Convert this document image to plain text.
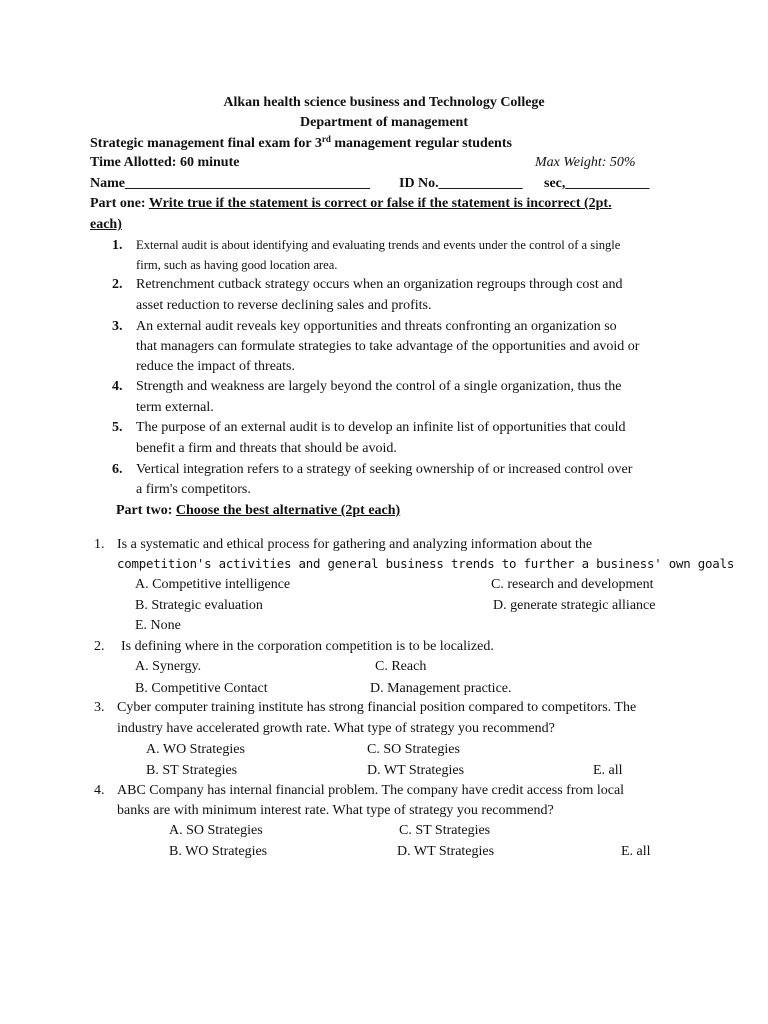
Alkan health science business and Technology College
Department of management
Strategic management final exam for 3rd management regular students
Time Allotted: 60 minute	Max Weight: 50%
Name___________________________________ ID No.____________ sec,____________
Part one: Write true if the statement is correct or false if the statement is incorrect (2pt.
each)
1. External audit is about identifying and evaluating trends and events under the control of a single
firm, such as having good location area.
2. Retrenchment cutback strategy occurs when an organization regroups through cost and
asset reduction to reverse declining sales and profits.
3. An external audit reveals key opportunities and threats confronting an organization so
that managers can formulate strategies to take advantage of the opportunities and avoid or
reduce the impact of threats.
4. Strength and weakness are largely beyond the control of a single organization, thus the
term external.
5. The purpose of an external audit is to develop an infinite list of opportunities that could
benefit a firm and threats that should be avoid.
6. Vertical integration refers to a strategy of seeking ownership of or increased control over
a firm's competitors.
Part two: Choose the best alternative (2pt each)
1. Is a systematic and ethical process for gathering and analyzing information about the
competition's activities and general business trends to further a business' own goals
A. Competitive intelligence	C. research and development
B. Strategic evaluation	D. generate strategic alliance
E. None
2. Is defining where in the corporation competition is to be localized.
A. Synergy.	C. Reach
B. Competitive Contact	D. Management practice.
3. Cyber computer training institute has strong financial position compared to competitors. The
industry have accelerated growth rate. What type of strategy you recommend?
A. WO Strategies	C. SO Strategies
B. ST Strategies	D. WT Strategies	E. all
4. ABC Company has internal financial problem. The company have credit access from local
banks are with minimum interest rate. What type of strategy you recommend?
A. SO Strategies	C. ST Strategies
B. WO Strategies	D. WT Strategies	E. all
